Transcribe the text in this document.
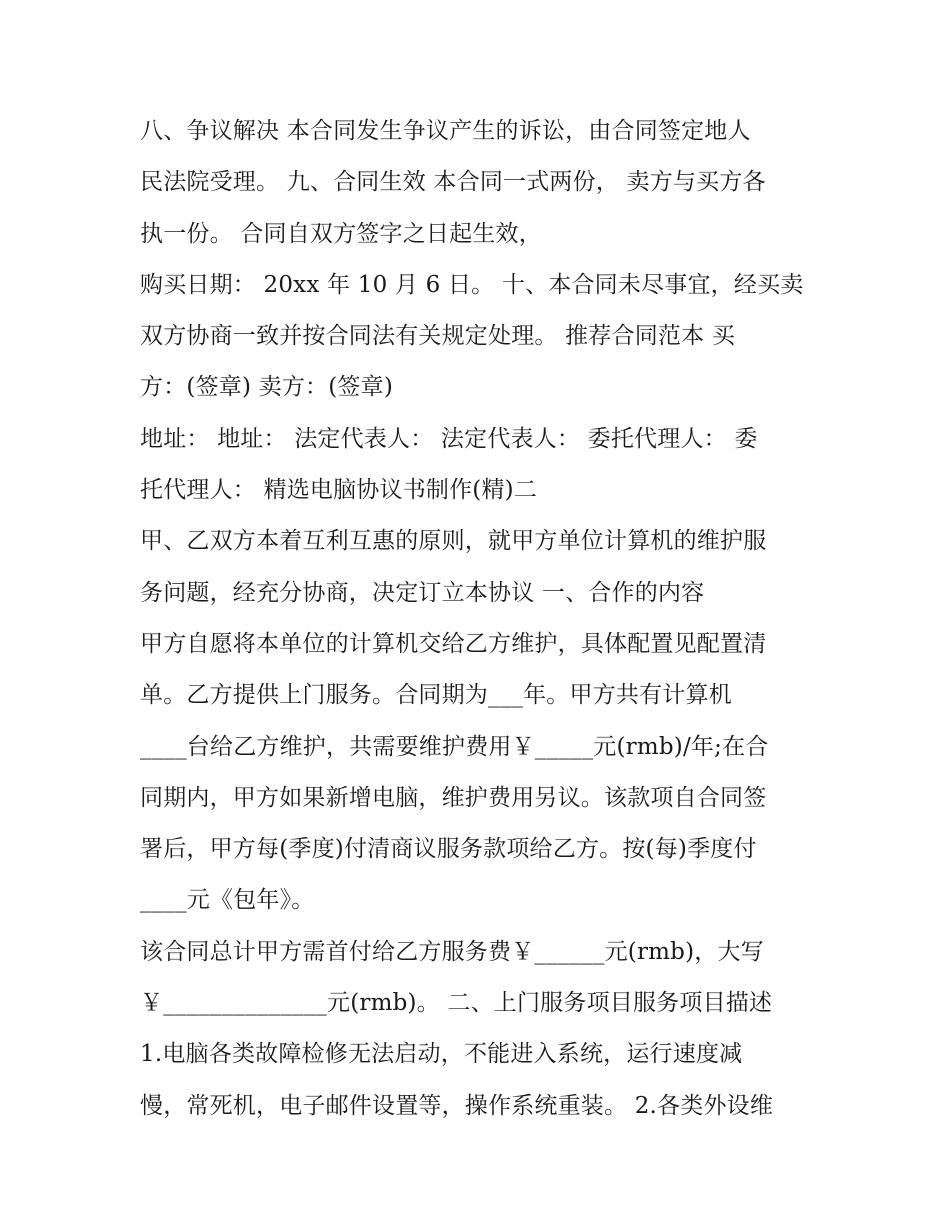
八、争议解决 本合同发生争议产生的诉讼，由合同签定地人
民法院受理。 九、合同生效 本合同一式两份， 卖方与买方各
执一份。 合同自双方签字之日起生效，
购买日期： 20xx 年 10 月 6 日。 十、本合同未尽事宜，经买卖
双方协商一致并按合同法有关规定处理。 推荐合同范本 买
方：(签章) 卖方：(签章)
地址： 地址： 法定代表人： 法定代表人： 委托代理人： 委
托代理人： 精选电脑协议书制作(精)二
甲、乙双方本着互利互惠的原则，就甲方单位计算机的维护服
务问题，经充分协商，决定订立本协议 一、合作的内容
甲方自愿将本单位的计算机交给乙方维护，具体配置见配置清
单。乙方提供上门服务。合同期为___年。甲方共有计算机
____台给乙方维护，共需要维护费用￥_____元(rmb)/年;在合
同期内，甲方如果新增电脑，维护费用另议。该款项自合同签
署后，甲方每(季度)付清商议服务款项给乙方。按(每)季度付
____元《包年》。
该合同总计甲方需首付给乙方服务费￥______元(rmb)，大写
￥______________元(rmb)。 二、上门服务项目服务项目描述
1.电脑各类故障检修无法启动，不能进入系统，运行速度减
慢，常死机，电子邮件设置等，操作系统重装。 2.各类外设维
